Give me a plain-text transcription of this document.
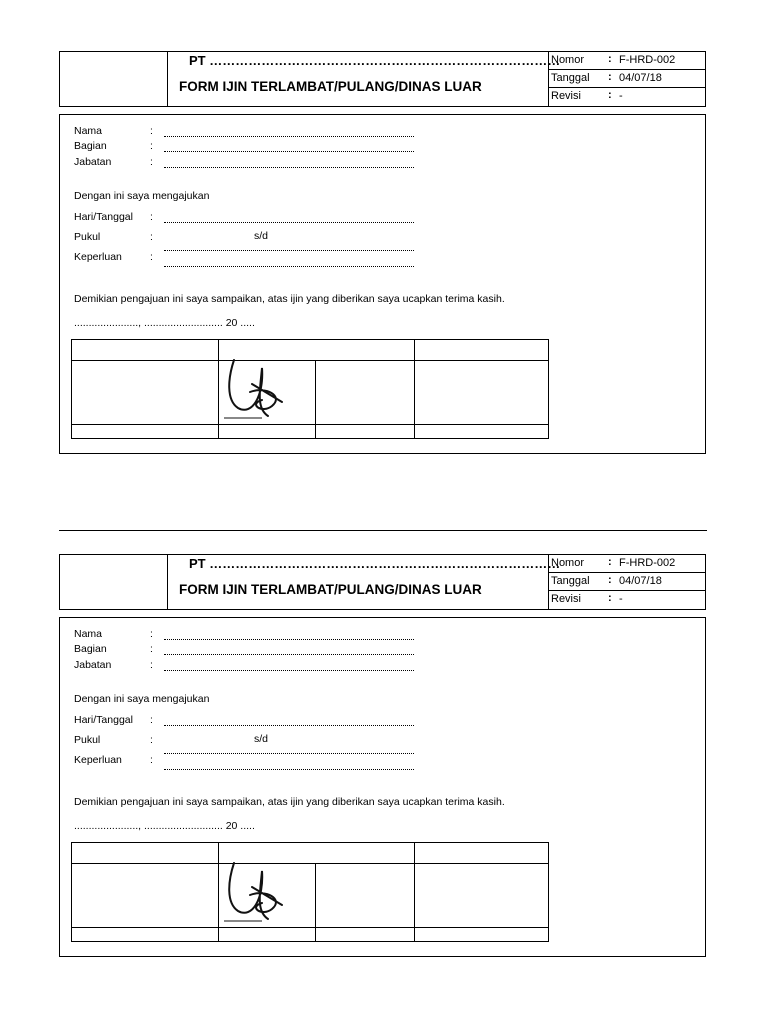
PT ………………………………………………………………………
FORM IJIN TERLAMBAT/PULANG/DINAS LUAR
Nomor : F-HRD-002
Tanggal : 04/07/18
Revisi : -
Nama	:
Bagian	:
Jabatan	:
Dengan ini saya mengajukan
Hari/Tanggal :
Pukul	:	s/d
Keperluan	:
Demikian pengajuan ini saya sampaikan, atas ijin yang diberikan saya ucapkan terima kasih.
......................, ........................... 20 .....
PT ………………………………………………………………………
FORM IJIN TERLAMBAT/PULANG/DINAS LUAR
Nomor : F-HRD-002
Tanggal : 04/07/18
Revisi : -
Nama	:
Bagian	:
Jabatan	:
Dengan ini saya mengajukan
Hari/Tanggal :
Pukul	:	s/d
Keperluan	:
Demikian pengajuan ini saya sampaikan, atas ijin yang diberikan saya ucapkan terima kasih.
......................, ........................... 20 .....
